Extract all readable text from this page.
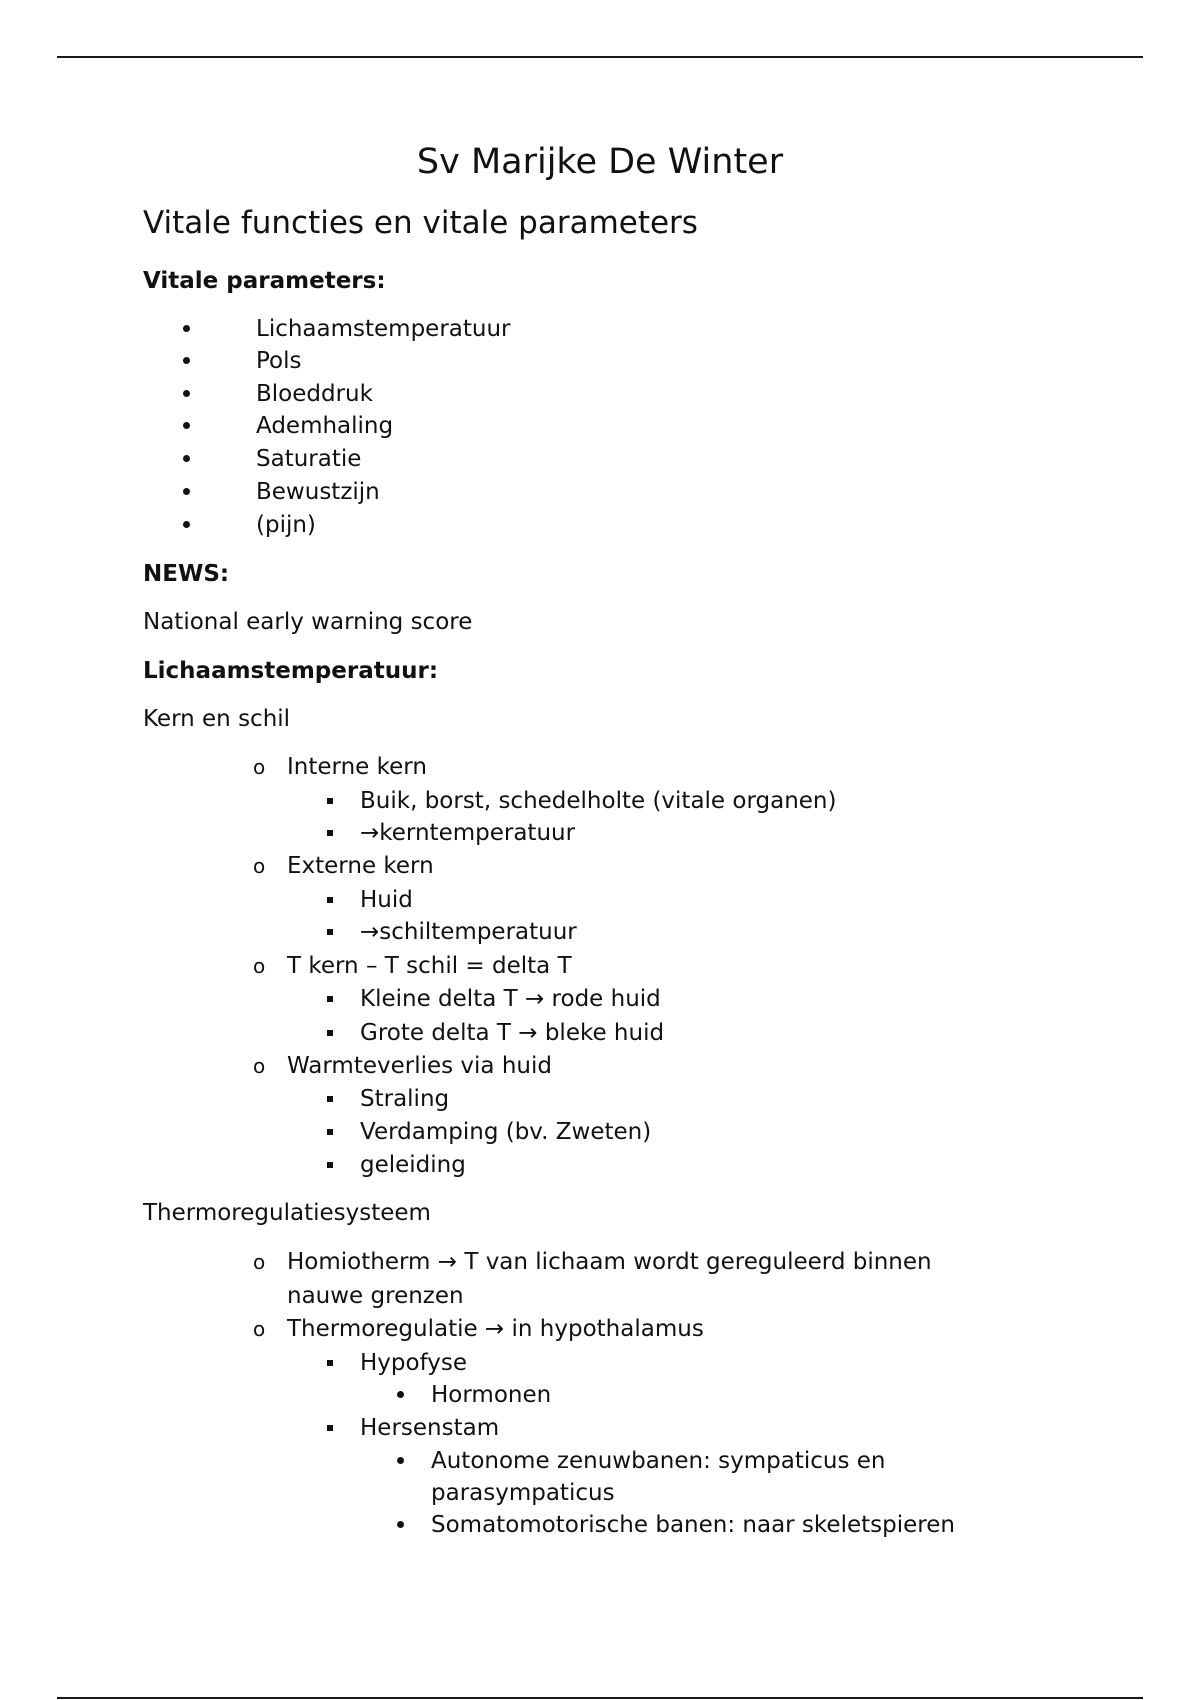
Sv Marijke De Winter
Vitale functies en vitale parameters
Vitale parameters:
Lichaamstemperatuur
Pols
Bloeddruk
Ademhaling
Saturatie
Bewustzijn
(pijn)
NEWS:
National early warning score
Lichaamstemperatuur:
Kern en schil
o Interne kern
Buik, borst, schedelholte (vitale organen)
→kerntemperatuur
o Externe kern
Huid
→schiltemperatuur
o T kern – T schil = delta T
Kleine delta T → rode huid
Grote delta T → bleke huid
o Warmteverlies via huid
Straling
Verdamping (bv. Zweten)
geleiding
Thermoregulatiesysteem
o Homiotherm → T van lichaam wordt gereguleerd binnen
nauwe grenzen
o Thermoregulatie → in hypothalamus
Hypofyse
Hormonen
Hersenstam
Autonome zenuwbanen: sympaticus en
parasympaticus
Somatomotorische banen: naar skeletspieren
